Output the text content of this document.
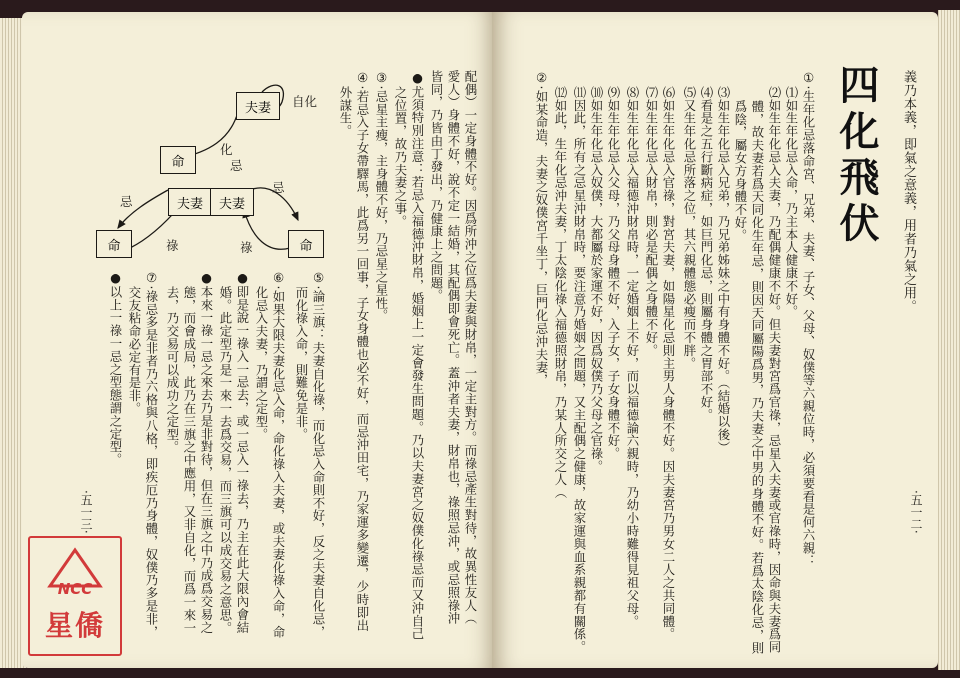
義乃本義，即氣之意義，用者乃氣之用。
四化飛伏
①‧生年化忌落命宮、兄弟、夫妻、子女、父母、奴僕等六親位時，必須要看是何六親：
⑴如生年化忌入命，乃主本人健康不好。
⑵如生年化忌入夫妻，乃配偶健康不好。但夫妻對宮爲官祿，忌星入夫妻或官祿時，因命與夫妻爲同
體，故夫妻若爲天同化生年忌，則因天同屬陽爲男，乃夫妻之中男的身體不好。若爲太陰化忌，則
爲陰，屬女方身體不好。
⑶如生年化忌入兄弟，乃兄弟姊妹之中有身體不好。（結婚以後）
⑷看是之五行斷病症，如巨門化忌，則屬身體之胃部不好。
⑸又生年化忌所落之位，其六親體態必瘦而不胖。
⑹如生年化忌入官祿，對宮夫妻，如陽星化忌則主男人身體不好。因夫妻宮乃男女二人之共同體。
⑺如生年化忌入財帛，則必是配偶之身體不好。
⑻如生年化忌入福德沖財帛時，一定婚姻上不好，而以福德論六親時，乃幼小時難得見祖父母。
⑼如生年化忌入父母，乃父母身體不好，入子女，子女身體不好。
⑽如生年化忌入奴僕，大都屬於家運不好，因爲奴僕乃父母之官祿。
⑾因此，所有之忌星沖財帛時，要注意乃婚姻之問題，又主配偶之健康，故家運與血系親都有關係。
⑿如此，生年化忌沖夫妻，丁太陰化祿入福德照財帛，乃某人所交之人（
②‧如某命造，夫妻之奴僕宮千坐丁，巨門化忌沖夫妻，
‧五一二‧
配偶）一定身體不好。因爲所沖之位爲夫妻與財帛，一定主對方。而祿忌產生對待，故異性友人（
愛人）身體不好，說不定一結婚，其配偶即會死亡。蓋沖者夫妻，財帛也，祿照忌沖，或忌照祿沖
皆同，乃皆由丁發出，乃健康上之問題。
●尤須特別注意：若忌入福德沖財帛，婚姻上一定會發生問題。乃以夫妻宮之奴僕化祿忌而又沖自己
之位置，故乃夫妻之事。
③‧忌星主瘦，主身體不好，乃忌星之星性。
④‧若忌入子女帶驛馬，此爲另一回事，子女身體也必不好，而忌沖田宅，乃家運多變遷，少時即出
外謀生。
⑤‧論三旗：夫妻自化祿，而化忌入命則不好，反之夫妻自化忌，
而化祿入命，則難免是非。
⑥‧如果大限夫妻化忌入命，命化祿入夫妻，或夫妻化祿入命，命
化忌入夫妻，乃謂之定型。
●即是說一祿入一忌去，或一忌入一祿去，乃主在此大限內會結
婚。此定型乃是一來一去爲交易，而三旗可以成交易之意思。
●本來一祿一忌之來去乃是非對待，但在三旗之中乃成爲交易之
態，而會成局，此乃在三旗之中應用，又非自化，而爲一來一
去，乃交易可以成功之定型。
⑦‧祿忌多是非者乃六格與八格，即疾厄乃身體，奴僕乃多是非，
交友粘命必定有是非。
●以上一祿一忌之型態謂之定型。
‧五一三‧
夫妻	自化
命
化
忌
夫妻	夫妻
命	命
忌
祿
忌
祿
NCC
星僑
